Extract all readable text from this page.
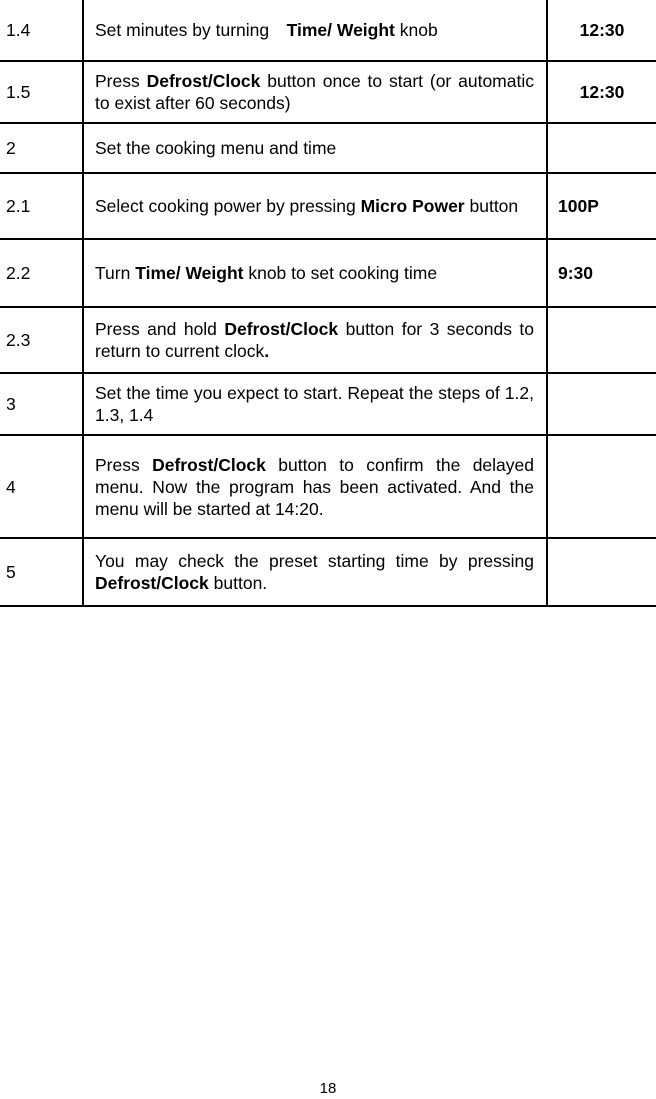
1.4	Set minutes by turning Time/ Weight knob	12:30
1.5	Press Defrost/Clock button once to start (or automatic to exist after 60 seconds)	12:30
2	Set the cooking menu and time	
2.1	Select cooking power by pressing Micro Power button	100P
2.2	Turn Time/ Weight knob to set cooking time	9:30
2.3	Press and hold Defrost/Clock button for 3 seconds to return to current clock.	
3	Set the time you expect to start. Repeat the steps of 1.2, 1.3, 1.4	
4	Press Defrost/Clock button to confirm the delayed menu. Now the program has been activated. And the menu will be started at 14:20.	
5	You may check the preset starting time by pressing Defrost/Clock button.	
18
